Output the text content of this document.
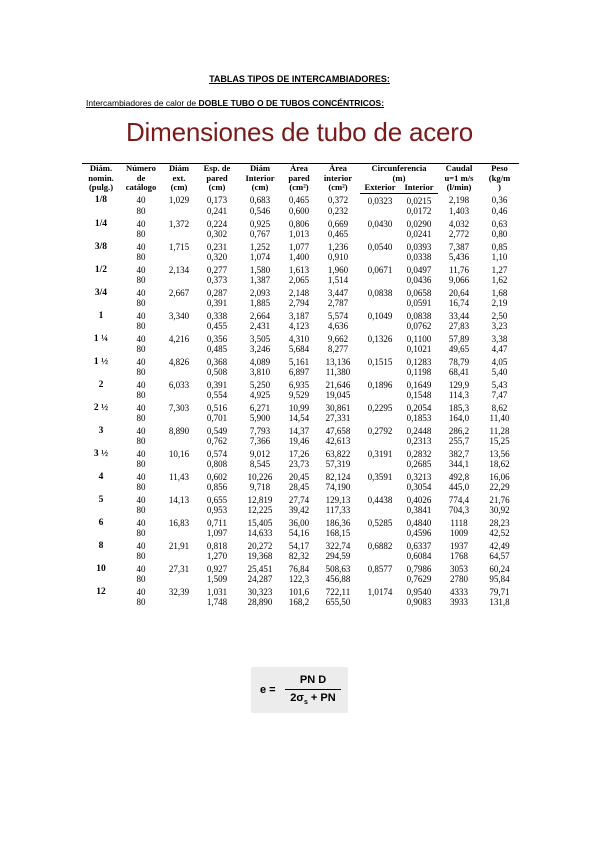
TABLAS TIPOS DE INTERCAMBIADORES:
Intercambiadores de calor de DOBLE TUBO O DE TUBOS CONCÉNTRICOS:
Dimensiones de tubo de acero
Diám.
nomin.
(pulg.)	Número
de
catálogo	Diám
ext.
(cm)	Esp. de
pared
(cm)	Diám
Interior
(cm)	Área
pared
(cm²)	Área
interior
(cm²)	Circunferencia
(m)		Caudal
u=1 m/s
(l/min)	Peso
(kg/m
)
							Exterior	Interior		

1/8	40	1,029	0,173	0,683	0,465	0,372	0,0323	0,0215	2,198	0,36
	80		0,241	0,546	0,600	0,232		0,0172	1,403	0,46
1/4	40	1,372	0,224	0,925	0,806	0,669	0,0430	0,0290	4,032	0,63
	80		0,302	0,767	1,013	0,465		0,0241	2,772	0,80
3/8	40	1,715	0,231	1,252	1,077	1,236	0,0540	0,0393	7,387	0,85
	80		0,320	1,074	1,400	0,910		0,0338	5,436	1,10
1/2	40	2,134	0,277	1,580	1,613	1,960	0,0671	0,0497	11,76	1,27
	80		0,373	1,387	2,065	1,514		0,0436	9,066	1,62
3/4	40	2,667	0,287	2,093	2,148	3,447	0,0838	0,0658	20,64	1,68
	80		0,391	1,885	2,794	2,787		0,0591	16,74	2,19
1	40	3,340	0,338	2,664	3,187	5,574	0,1049	0,0838	33,44	2,50
	80		0,455	2,431	4,123	4,636		0,0762	27,83	3,23
1 ¼	40	4,216	0,356	3,505	4,310	9,662	0,1326	0,1100	57,89	3,38
	80		0,485	3,246	5,684	8,277		0,1021	49,65	4,47
1 ½	40	4,826	0,368	4,089	5,161	13,136	0,1515	0,1283	78,79	4,05
	80		0,508	3,810	6,897	11,380		0,1198	68,41	5,40
2	40	6,033	0,391	5,250	6,935	21,646	0,1896	0,1649	129,9	5,43
	80		0,554	4,925	9,529	19,045		0,1548	114,3	7,47
2 ½	40	7,303	0,516	6,271	10,99	30,861	0,2295	0,2054	185,3	8,62
	80		0,701	5,900	14,54	27,331		0,1853	164,0	11,40
3	40	8,890	0,549	7,793	14,37	47,658	0,2792	0,2448	286,2	11,28
	80		0,762	7,366	19,46	42,613		0,2313	255,7	15,25
3 ½	40	10,16	0,574	9,012	17,26	63,822	0,3191	0,2832	382,7	13,56
	80		0,808	8,545	23,73	57,319		0,2685	344,1	18,62
4	40	11,43	0,602	10,226	20,45	82,124	0,3591	0,3213	492,8	16,06
	80		0,856	9,718	28,45	74,190		0,3054	445,0	22,29
5	40	14,13	0,655	12,819	27,74	129,13	0,4438	0,4026	774,4	21,76
	80		0,953	12,225	39,42	117,33		0,3841	704,3	30,92
6	40	16,83	0,711	15,405	36,00	186,36	0,5285	0,4840	1118	28,23
	80		1,097	14,633	54,16	168,15		0,4596	1009	42,52
8	40	21,91	0,818	20,272	54,17	322,74	0,6882	0,6337	1937	42,49
	80		1,270	19,368	82,32	294,59		0,6084	1768	64,57
10	40	27,31	0,927	25,451	76,84	508,63	0,8577	0,7986	3053	60,24
	80		1,509	24,287	122,3	456,88		0,7629	2780	95,84
12	40	32,39	1,031	30,323	101,6	722,11	1,0174	0,9540	4333	79,71
	80		1,748	28,890	168,2	655,50		0,9083	3933	131,8
e =
PN D
$2\sigma_s$ + PN
